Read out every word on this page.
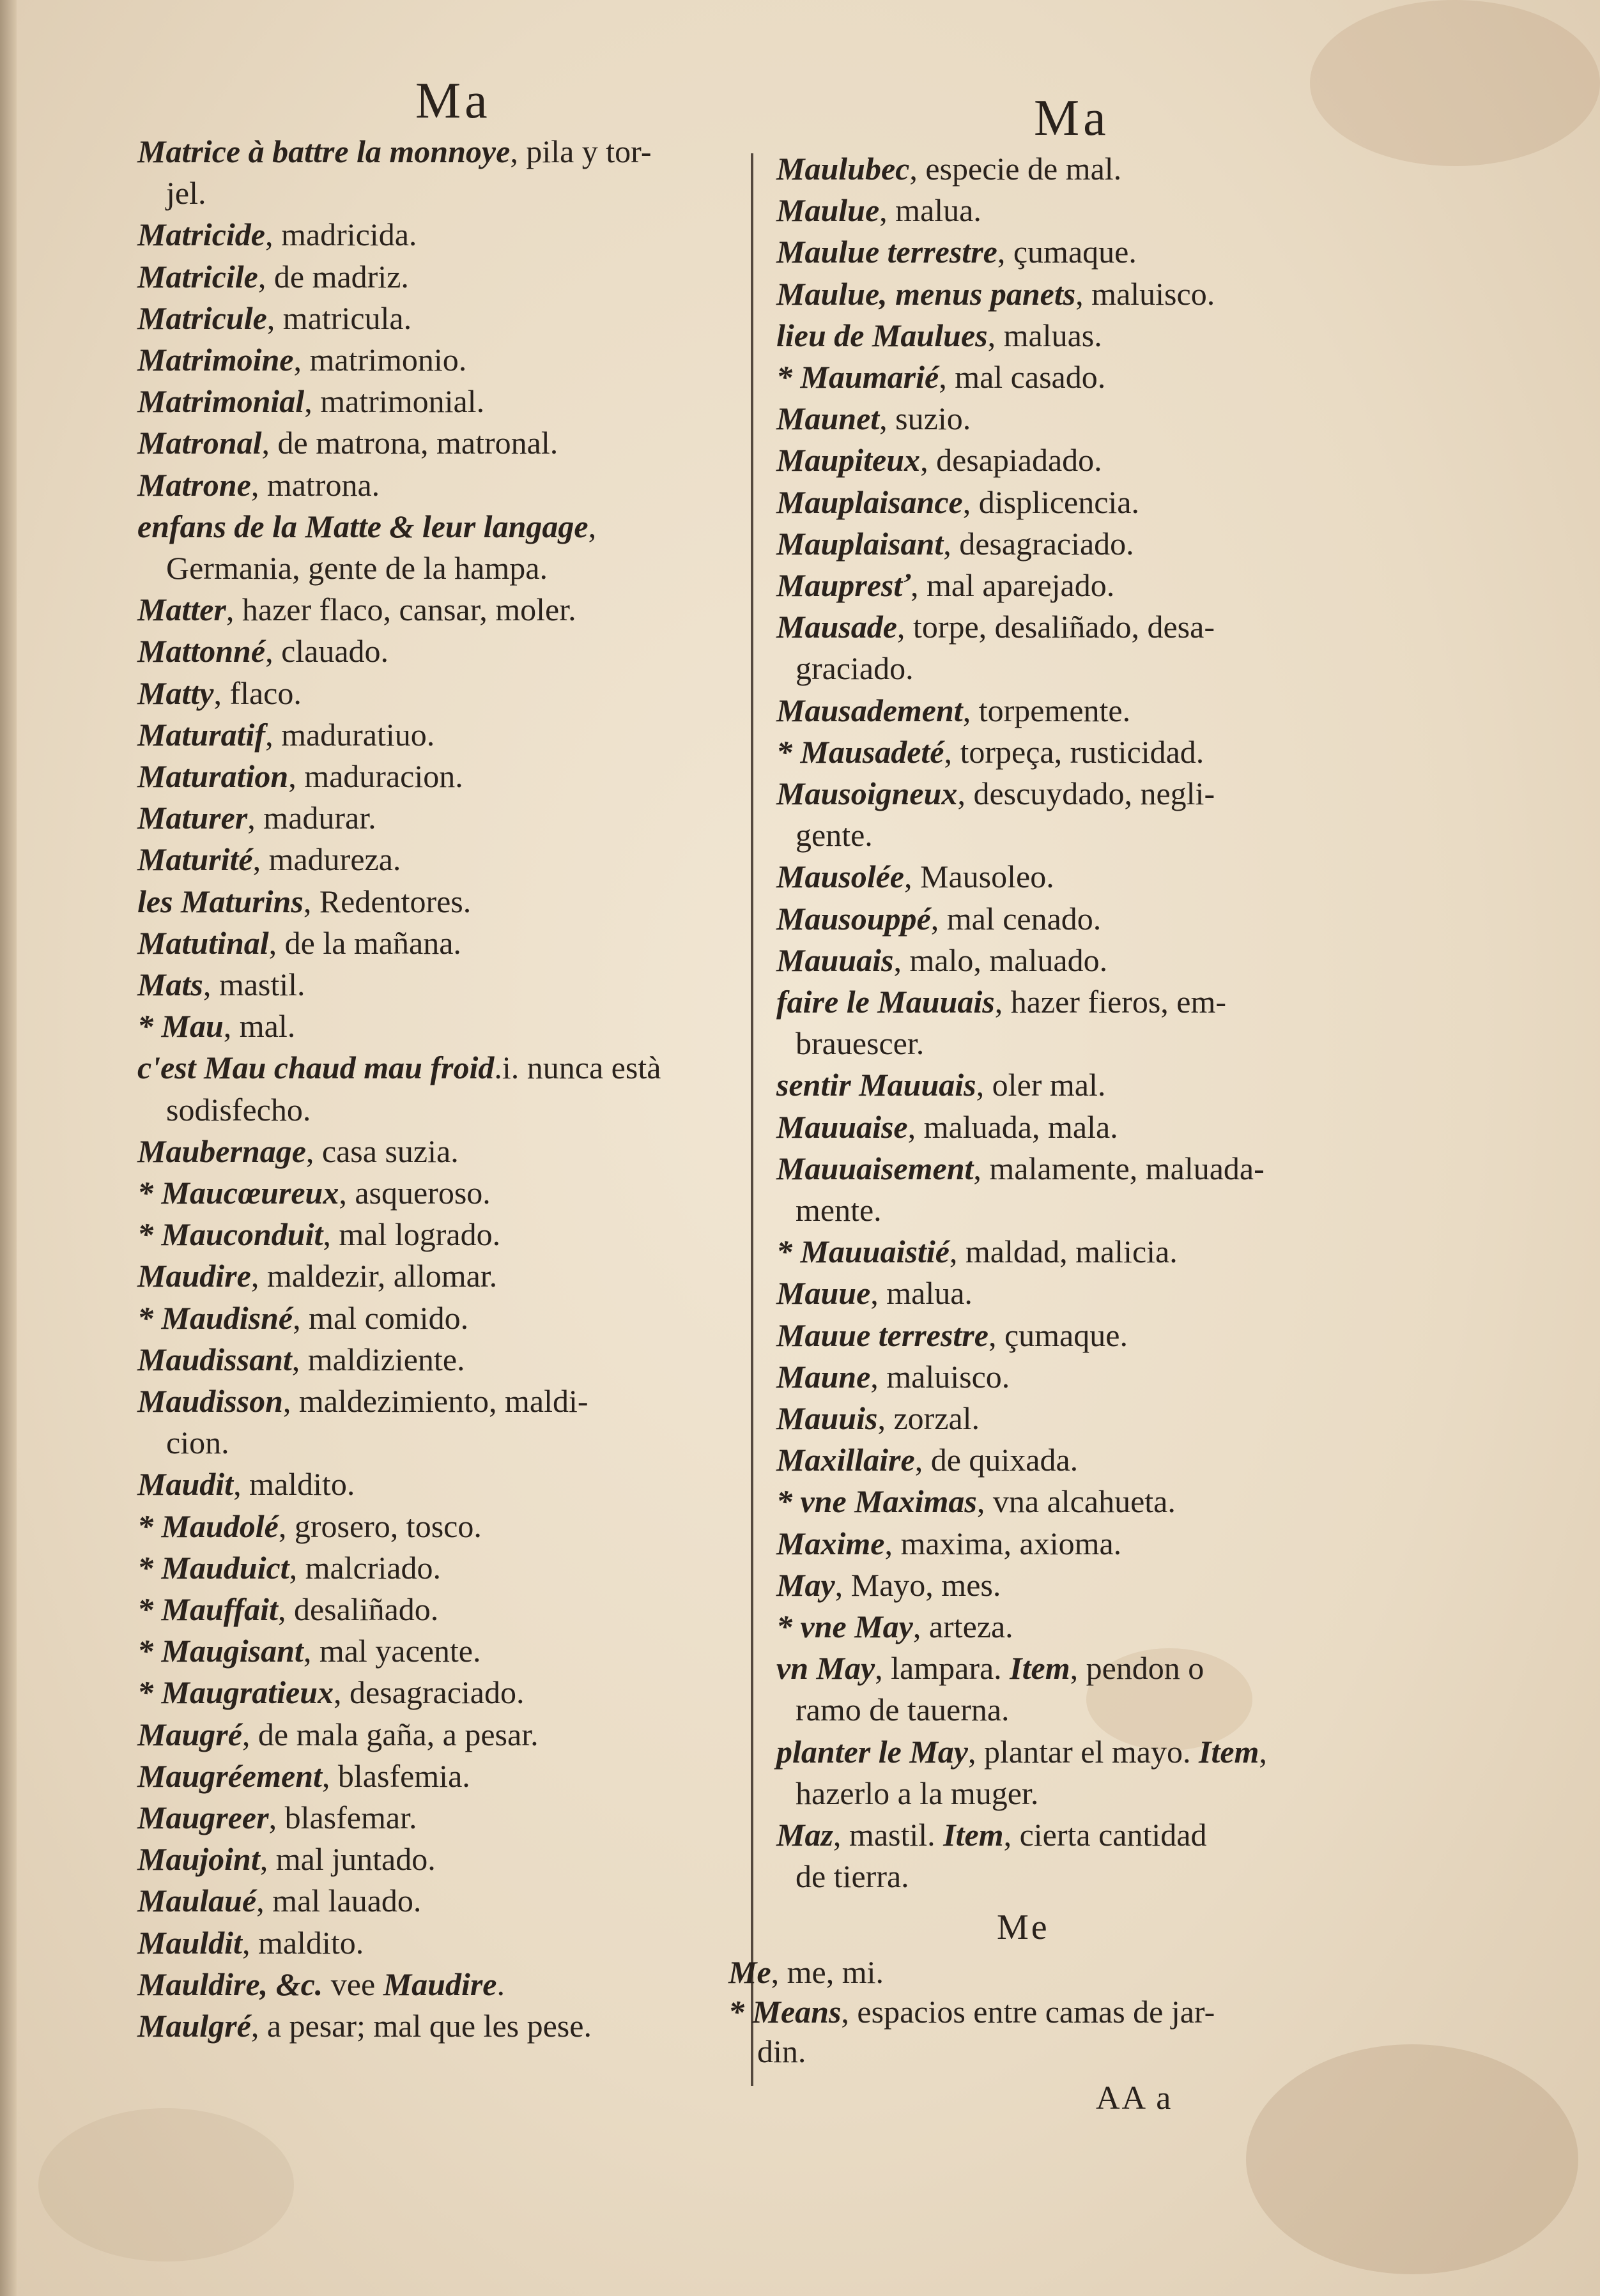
Ma	Ma
Matrice à battre la monnoye, pila y tor-
jel.
Matricide, madricida.
Matricile, de madriz.
Matricule, matricula.
Matrimoine, matrimonio.
Matrimonial, matrimonial.
Matronal, de matrona, matronal.
Matrone, matrona.
enfans de la Matte & leur langage,
Germania, gente de la hampa.
Matter, hazer flaco, cansar, moler.
Mattonné, clauado.
Matty, flaco.
Maturatif, maduratiuo.
Maturation, maduracion.
Maturer, madurar.
Maturité, madureza.
les Maturins, Redentores.
Matutinal, de la mañana.
Mats, mastil.
* Mau, mal.
c'est Mau chaud mau froid.i. nunca està
sodisfecho.
Maubernage, casa suzia.
* Maucœureux, asqueroso.
* Mauconduit, mal logrado.
Maudire, maldezir, allomar.
* Maudisné, mal comido.
Maudissant, maldiziente.
Maudisson, maldezimiento, maldi-
cion.
Maudit, maldito.
* Maudolé, grosero, tosco.
* Mauduict, malcriado.
* Mauffait, desaliñado.
* Maugisant, mal yacente.
* Maugratieux, desagraciado.
Maugré, de mala gaña, a pesar.
Maugréement, blasfemia.
Maugreer, blasfemar.
Maujoint, mal juntado.
Maulaué, mal lauado.
Mauldit, maldito.
Mauldire, &c. vee Maudire.
Maulgré, a pesar; mal que les pese.
Maulubec, especie de mal.
Maulue, malua.
Maulue terrestre, çumaque.
Maulue, menus panets, maluisco.
lieu de Maulues, maluas.
* Maumarié, mal casado.
Maunet, suzio.
Maupiteux, desapiadado.
Mauplaisance, displicencia.
Mauplaisant, desagraciado.
Maupresť, mal aparejado.
Mausade, torpe, desaliñado, desa-
graciado.
Mausadement, torpemente.
* Mausadeté, torpeça, rusticidad.
Mausoigneux, descuydado, negli-
gente.
Mausolée, Mausoleo.
Mausouppé, mal cenado.
Mauuais, malo, maluado.
faire le Mauuais, hazer fieros, em-
brauescer.
sentir Mauuais, oler mal.
Mauuaise, maluada, mala.
Mauuaisement, malamente, maluada-
mente.
* Mauuaistié, maldad, malicia.
Mauue, malua.
Mauue terrestre, çumaque.
Maune, maluisco.
Mauuis, zorzal.
Maxillaire, de quixada.
* vne Maximas, vna alcahueta.
Maxime, maxima, axioma.
May, Mayo, mes.
* vne May, arteza.
vn May, lampara. Item, pendon o
ramo de tauerna.
planter le May, plantar el mayo. Item,
hazerlo a la muger.
Maz, mastil. Item, cierta cantidad
de tierra.
Me
Me, me, mi.
* Means, espacios entre camas de jar-
din.
AA a
